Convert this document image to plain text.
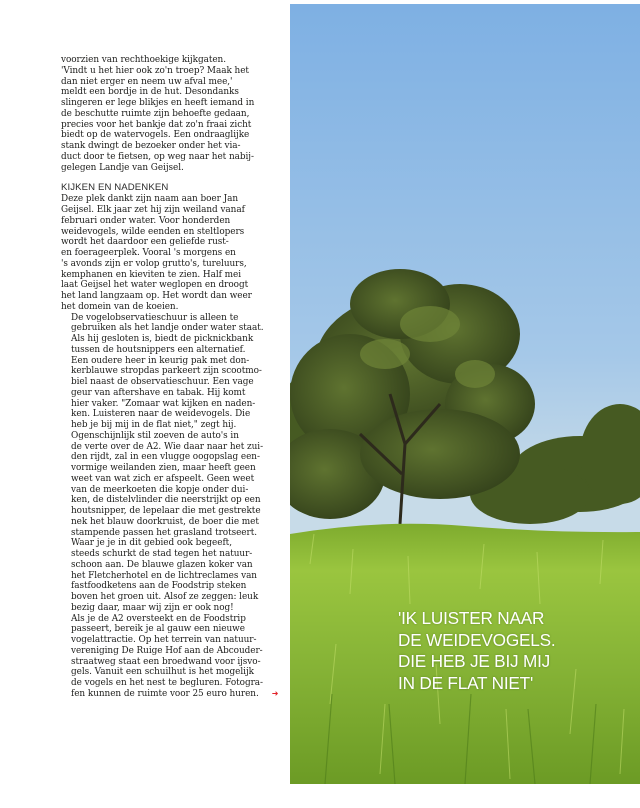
voorzien van rechthoekige kijkgaten.
'Vindt u het hier ook zo'n troep? Maak het
dan niet erger en neem uw afval mee,'
meldt een bordje in de hut. Desondanks
slingeren er lege blikjes en heeft iemand in
de beschutte ruimte zijn behoefte gedaan,
precies voor het bankje dat zo'n fraai zicht
biedt op de watervogels. Een ondraaglijke
stank dwingt de bezoeker onder het via-
duct door te fietsen, op weg naar het nabij-
gelegen Landje van Geijsel.

KIJKEN EN NADENKEN

Deze plek dankt zijn naam aan boer Jan
Geijsel. Elk jaar zet hij zijn weiland vanaf
februari onder water. Voor honderden
weidevogels, wilde eenden en steltlopers
wordt het daardoor een geliefde rust-
en foerageerplek. Vooral 's morgens en
's avonds zijn er volop grutto's, tureluurs,
kemphanen en kieviten te zien. Half mei
laat Geijsel het water weglopen en droogt
het land langzaam op. Het wordt dan weer
het domein van de koeien.

De vogelobservatieschuur is alleen te
gebruiken als het landje onder water staat.
Als hij gesloten is, biedt de picknickbank
tussen de houtsnippers een alternatief.

Een oudere heer in keurig pak met don-
kerblauwe stropdas parkeert zijn scootmo-
biel naast de observatieschuur. Een vage
geur van aftershave en tabak. Hij komt
hier vaker. "Zomaar wat kijken en naden-
ken. Luisteren naar de weidevogels. Die
heb je bij mij in de flat niet," zegt hij.

Ogenschijnlijk stil zoeven de auto's in
de verte over de A2. Wie daar naar het zui-
den rijdt, zal in een vlugge oogopslag een-
vormige weilanden zien, maar heeft geen
weet van wat zich er afspeelt. Geen weet
van de meerkoeten die kopje onder dui-
ken, de distelvlinder die neerstrijkt op een
houtsnipper, de lepelaar die met gestrekte
nek het blauw doorkruist, de boer die met
stampende passen het grasland trotseert.

Waar je je in dit gebied ook begeeft,
steeds schurkt de stad tegen het natuur-
schoon aan. De blauwe glazen koker van
het Fletcherhotel en de lichtreclames van
fastfoodketens aan de Foodstrip steken
boven het groen uit. Alsof ze zeggen: leuk
bezig daar, maar wij zijn er ook nog!

Als je de A2 oversteekt en de Foodstrip
passeert, bereik je al gauw een nieuwe
vogelattractie. Op het terrein van natuur-
vereniging De Ruige Hof aan de Abcouder-
straatweg staat een broedwand voor ijsvo-
gels. Vanuit een schuilhut is het mogelijk
de vogels en het nest te begluren. Fotogra-
fen kunnen de ruimte voor 25 euro huren. ➜

'IK LUISTER NAAR
DE WEIDEVOGELS.
DIE HEB JE BIJ MIJ
IN DE FLAT NIET'
